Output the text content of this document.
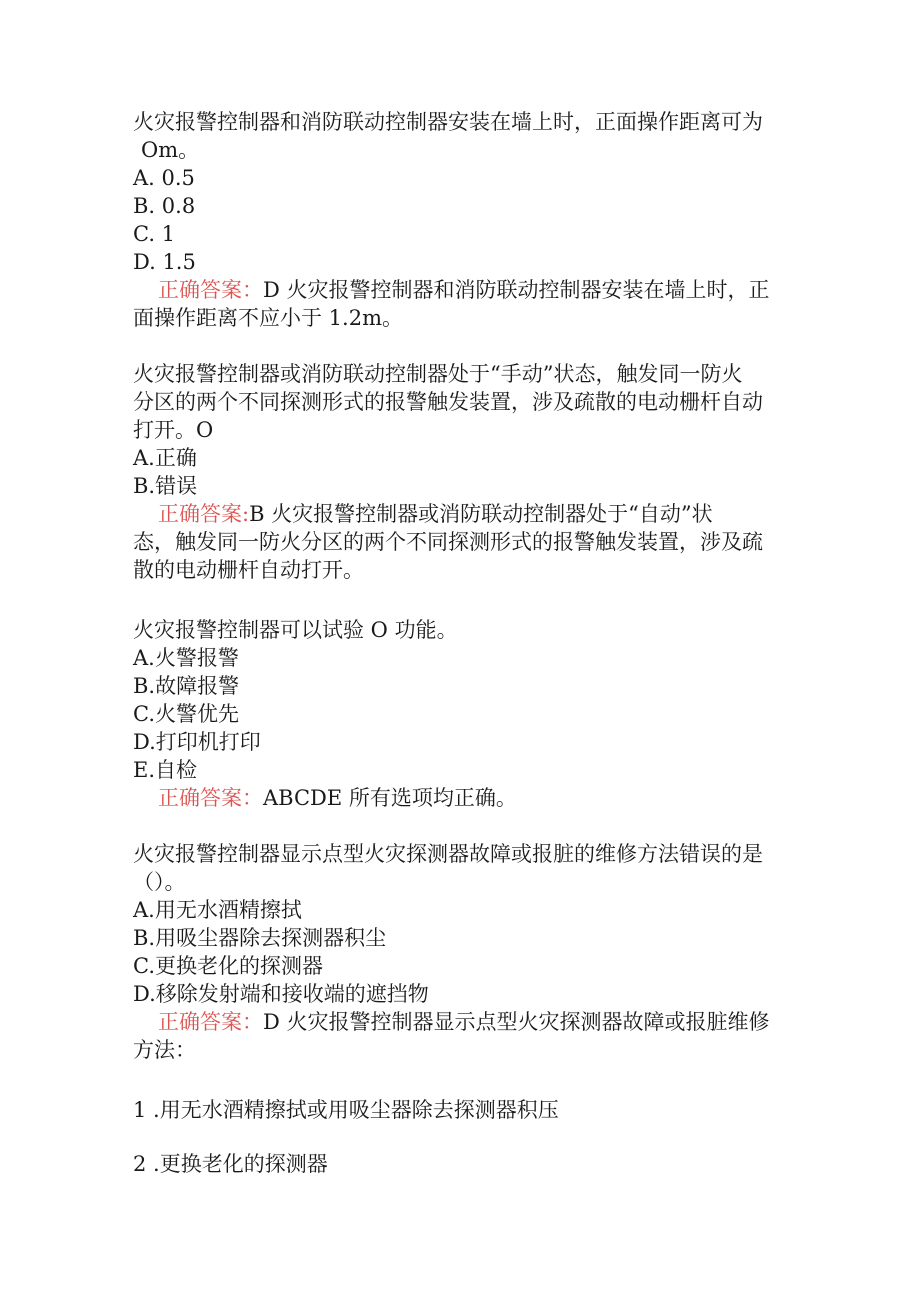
火灾报警控制器和消防联动控制器安装在墙上时，正面操作距离可为
Om。
A. 0.5
B. 0.8
C. 1
D. 1.5
正确答案：D 火灾报警控制器和消防联动控制器安装在墙上时，正
面操作距离不应小于 1.2m。
火灾报警控制器或消防联动控制器处于“手动”状态，触发同一防火
分区的两个不同探测形式的报警触发装置，涉及疏散的电动栅杆自动
打开。O
A.正确
B.错误
正确答案:B 火灾报警控制器或消防联动控制器处于“自动”状
态，触发同一防火分区的两个不同探测形式的报警触发装置，涉及疏
散的电动栅杆自动打开。
火灾报警控制器可以试验 O 功能。
A.火警报警
B.故障报警
C.火警优先
D.打印机打印
E.自检
正确答案：ABCDE 所有选项均正确。
火灾报警控制器显示点型火灾探测器故障或报脏的维修方法错误的是
（）。
A.用无水酒精擦拭
B.用吸尘器除去探测器积尘
C.更换老化的探测器
D.移除发射端和接收端的遮挡物
正确答案：D 火灾报警控制器显示点型火灾探测器故障或报脏维修
方法：
1 .用无水酒精擦拭或用吸尘器除去探测器积压
2 .更换老化的探测器
